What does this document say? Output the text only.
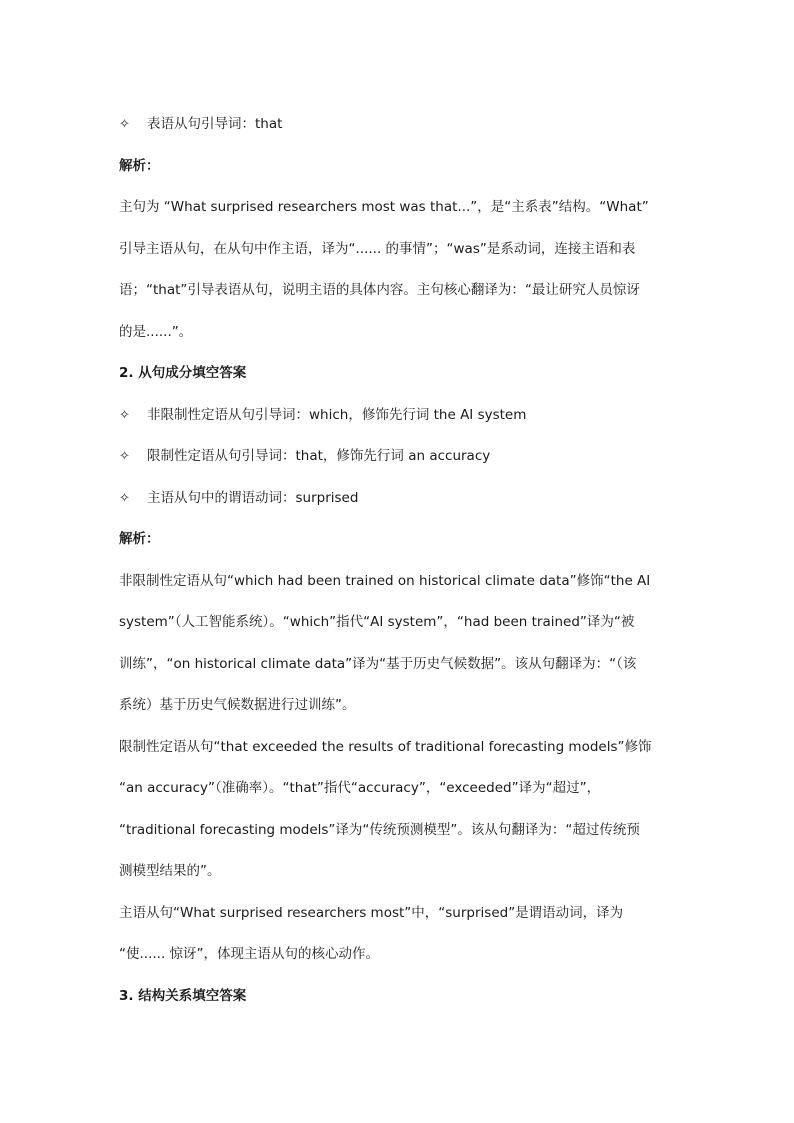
✧ 表语从句引导词：that
解析：
主句为 “What surprised researchers most was that...”，是“主系表”结构。“What”
引导主语从句，在从句中作主语，译为“...... 的事情”；“was”是系动词，连接主语和表
语；“that”引导表语从句，说明主语的具体内容。主句核心翻译为：“最让研究人员惊讶
的是......”。
2. 从句成分填空答案
✧ 非限制性定语从句引导词：which，修饰先行词 the AI system
✧ 限制性定语从句引导词：that，修饰先行词 an accuracy
✧ 主语从句中的谓语动词：surprised
解析：
非限制性定语从句“which had been trained on historical climate data”修饰“the AI
system”（人工智能系统）。“which”指代“AI system”，“had been trained”译为“被
训练”，“on historical climate data”译为“基于历史气候数据”。该从句翻译为：“（该
系统）基于历史气候数据进行过训练”。
限制性定语从句“that exceeded the results of traditional forecasting models”修饰
“an accuracy”（准确率）。“that”指代“accuracy”，“exceeded”译为“超过”，
“traditional forecasting models”译为“传统预测模型”。该从句翻译为：“超过传统预
测模型结果的”。
主语从句“What surprised researchers most”中，“surprised”是谓语动词，译为
“使...... 惊讶”，体现主语从句的核心动作。
3. 结构关系填空答案
